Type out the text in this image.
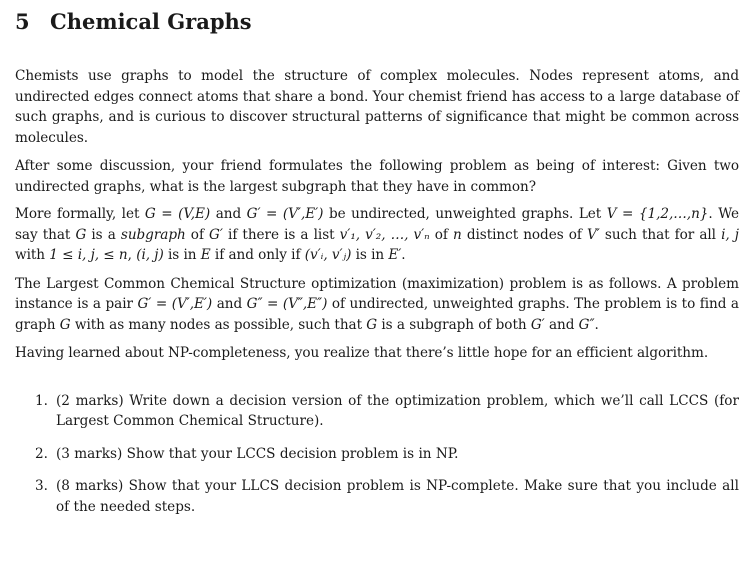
5 Chemical Graphs

Chemists use graphs to model the structure of complex molecules. Nodes represent atoms, and undirected edges connect atoms that share a bond. Your chemist friend has access to a large database of such graphs, and is curious to discover structural patterns of significance that might be common across molecules.

After some discussion, your friend formulates the following problem as being of interest: Given two undirected graphs, what is the largest subgraph that they have in common?

More formally, let G = (V,E) and G′ = (V′,E′) be undirected, unweighted graphs. Let V = {1,2,…,n}. We say that G is a subgraph of G′ if there is a list v′₁, v′₂, …, v′ₙ of n distinct nodes of V′ such that for all i, j with 1 ≤ i, j, ≤ n, (i, j) is in E if and only if (v′ᵢ, v′ⱼ) is in E′.

The Largest Common Chemical Structure optimization (maximization) problem is as follows. A problem instance is a pair G′ = (V′,E′) and G″ = (V″,E″) of undirected, unweighted graphs. The problem is to find a graph G with as many nodes as possible, such that G is a subgraph of both G′ and G″.

Having learned about NP-completeness, you realize that there’s little hope for an efficient algorithm.

1. (2 marks) Write down a decision version of the optimization problem, which we’ll call LCCS (for Largest Common Chemical Structure).
2. (3 marks) Show that your LCCS decision problem is in NP.
3. (8 marks) Show that your LLCS decision problem is NP-complete. Make sure that you include all of the needed steps.
